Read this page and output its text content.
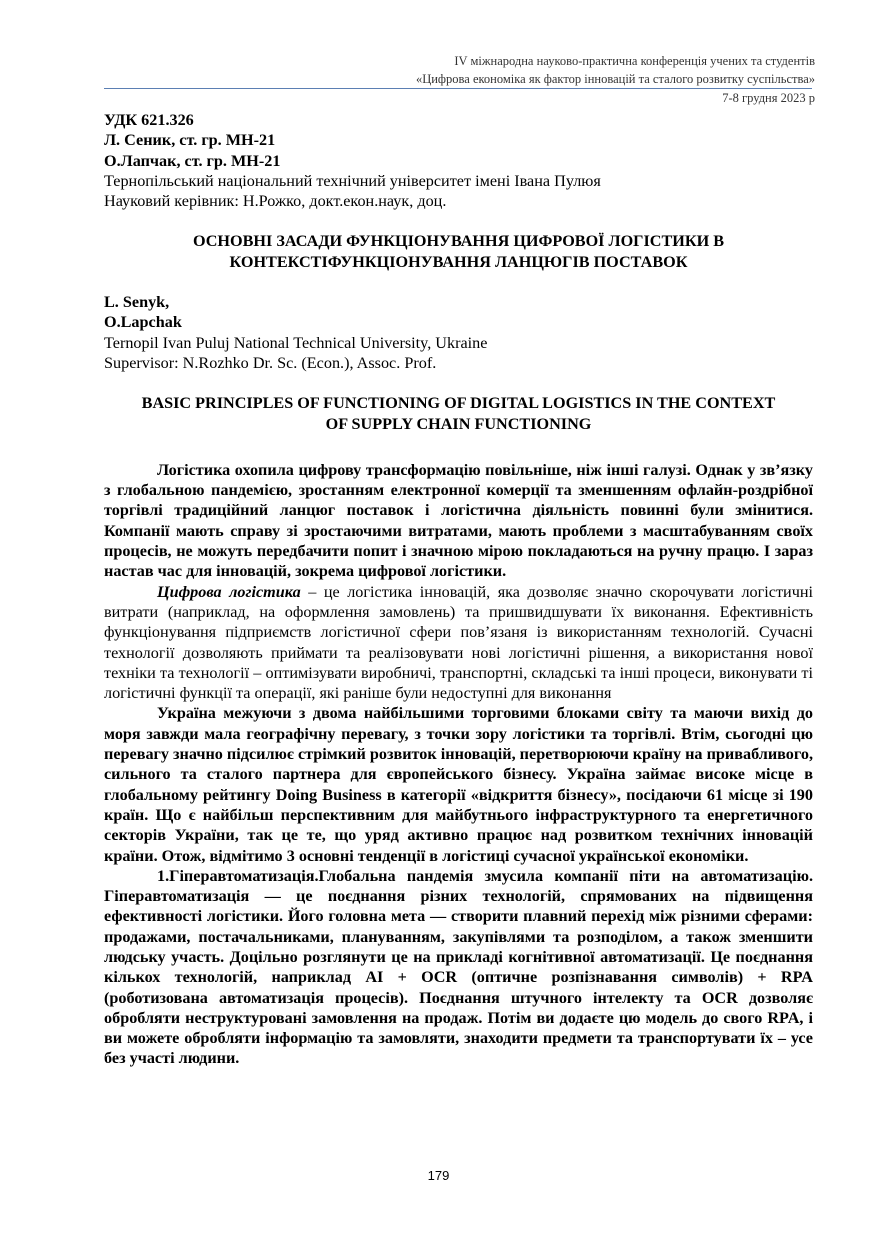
IV міжнародна науково-практична конференція учених та студентів
«Цифрова економіка як фактор інновацій та сталого розвитку суспільства»
7-8 грудня 2023 р

УДК 621.326

Л. Сеник, ст. гр. МН-21

О.Лапчак, ст. гр. МН-21

Тернопільський національний технічний університет імені Івана Пулюя

Науковий керівник: Н.Рожко, докт.екон.наук, доц.

ОСНОВНІ ЗАСАДИ ФУНКЦІОНУВАННЯ ЦИФРОВОЇ ЛОГІСТИКИ В
КОНТЕКСТІФУНКЦІОНУВАННЯ ЛАНЦЮГІВ ПОСТАВОК

L. Senyk,

O.Lapchak

Ternopil Ivan Puluj National Technical University, Ukraine

Supervisor: N.Rozhko Dr. Sc. (Econ.), Assoc. Prof.

BASIC PRINCIPLES OF FUNCTIONING OF DIGITAL LOGISTICS IN THE CONTEXT
OF SUPPLY CHAIN FUNCTIONING

Логістика охопила цифрову трансформацію повільніше, ніж інші галузі. Однак у звʼязку з глобальною пандемією, зростанням електронної комерції та зменшенням офлайн-роздрібної торгівлі традиційний ланцюг поставок і логістична діяльність повинні були змінитися. Компанії мають справу зі зростаючими витратами, мають проблеми з масштабуванням своїх процесів, не можуть передбачити попит і значною мірою покладаються на ручну працю. І зараз настав час для інновацій, зокрема цифрової логістики.

Цифрова логістика – це логістика інновацій, яка дозволяє значно скорочувати логістичні витрати (наприклад, на оформлення замовлень) та пришвидшувати їх виконання. Ефективність функціонування підприємств логістичної сфери пов’язаня із використанням технологій. Сучасні технології дозволяють приймати та реалізовувати нові логістичні рішення, а використання нової техніки та технології – оптимізувати виробничі, транспортні, складські та інші процеси, виконувати ті логістичні функції та операції, які раніше були недоступні для виконання

Україна межуючи з двома найбільшими торговими блоками світу та маючи вихід до моря завжди мала географічну перевагу, з точки зору логістики та торгівлі. Втім, сьогодні цю перевагу значно підсилює стрімкий розвиток інновацій, перетворюючи країну на привабливого, сильного та сталого партнера для європейського бізнесу. Україна займає високе місце в глобальному рейтингу Doing Business в категорії «відкриття бізнесу», посідаючи 61 місце зі 190 країн. Що є найбільш перспективним для майбутнього інфраструктурного та енергетичного секторів України, так це те, що уряд активно працює над розвитком технічних інновацій країни. Отож, відмітимо 3 основні тенденції в логістиці сучасної української економіки.

1.Гіперавтоматизація.Глобальна пандемія змусила компанії піти на автоматизацію. Гіперавтоматизація — це поєднання різних технологій, спрямованих на підвищення ефективності логістики. Його головна мета — створити плавний перехід між різними сферами: продажами, постачальниками, плануванням, закупівлями та розподілом, а також зменшити людську участь. Доцільно розглянути це на прикладі когнітивної автоматизації. Це поєднання кількох технологій, наприклад AI + OCR (оптичне розпізнавання символів) + RPA (роботизована автоматизація процесів). Поєднання штучного інтелекту та OCR дозволяє обробляти неструктуровані замовлення на продаж. Потім ви додаєте цю модель до свого RPA, і ви можете обробляти інформацію та замовляти, знаходити предмети та транспортувати їх – усе без участі людини.

179
